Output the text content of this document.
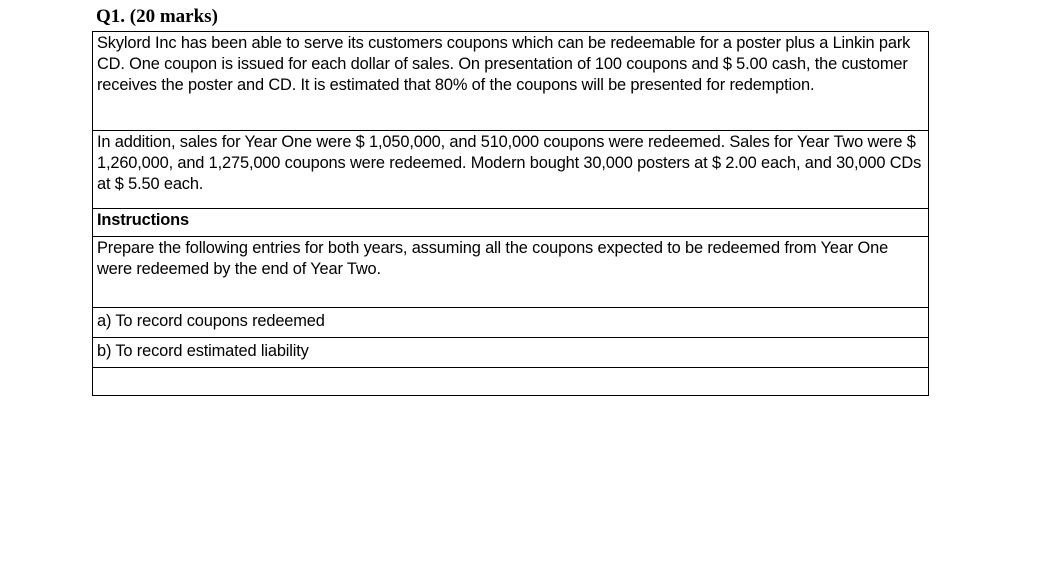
Q1. (20 marks)
Skylord Inc has been able to serve its customers coupons which can be redeemable for a poster plus a Linkin park CD. One coupon is issued for each dollar of sales. On presentation of 100 coupons and $ 5.00 cash, the customer receives the poster and CD. It is estimated that 80% of the coupons will be presented for redemption.
In addition, sales for Year One were $ 1,050,000, and 510,000 coupons were redeemed. Sales for Year Two were $ 1,260,000, and 1,275,000 coupons were redeemed. Modern bought 30,000 posters at $ 2.00 each, and 30,000 CDs at $ 5.50 each.
Instructions
Prepare the following entries for both years, assuming all the coupons expected to be redeemed from Year One were redeemed by the end of Year Two.
a) To record coupons redeemed
b) To record estimated liability
